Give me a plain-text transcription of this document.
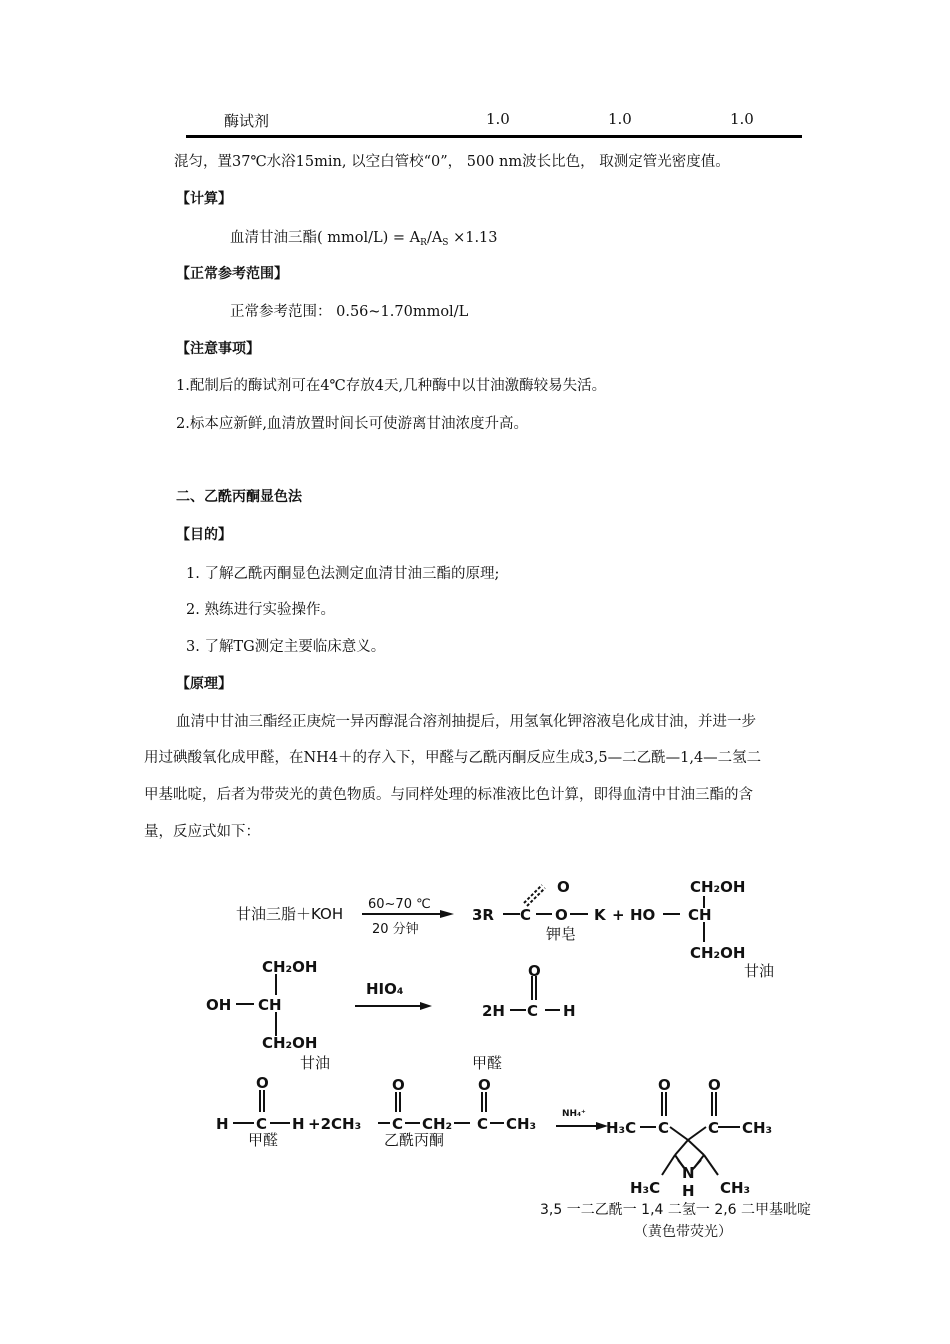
酶试剂	1.0	1.0	1.0
混匀，置37℃水浴15min, 以空白管校“0”， 500 nm波长比色， 取测定管光密度值。
【计算】
血清甘油三酯( mmol/L) = $A_R/A_S \times 1.13$
【正常参考范围】
正常参考范围： 0.56~1.70mmol/L
【注意事项】
1.配制后的酶试剂可在4℃存放4天,几种酶中以甘油激酶较易失活。
2.标本应新鲜,血清放置时间长可使游离甘油浓度升高。
二、乙酰丙酮显色法
【目的】
1. 了解乙酰丙酮显色法测定血清甘油三酯的原理;
2. 熟练进行实验操作。
3. 了解TG测定主要临床意义。
【原理】
血清中甘油三酯经正庚烷一异丙醇混合溶剂抽提后，用氢氧化钾溶液皂化成甘油，并进一步
用过碘酸氧化成甲醛，在NH4＋的存入下，甲醛与乙酰丙酮反应生成3,5—二乙酰—1,4—二氢二
甲基吡啶，后者为带荧光的黄色物质。与同样处理的标准液比色计算，即得血清中甘油三酯的含
量，反应式如下：
甘油三脂＋KOH
60~70 ℃
20 分钟
3R C
O
O K + HO CH
CH₂OH
CH₂OH
钾皂
甘油
OH CH
CH₂OH
CH₂OH
甘油
HIO₄
2H C
O
H
甲醛
H C
O
H +2CH₃ C
O
CH₂ C
O
CH₃
甲醛	乙酰丙酮
NH₄⁺
H₃C C
O
C
O
CH₃
N
H
H₃C	CH₃
3,5 一二乙酰一 1,4 二氢一 2,6 二甲基吡啶
（黄色带荧光）
